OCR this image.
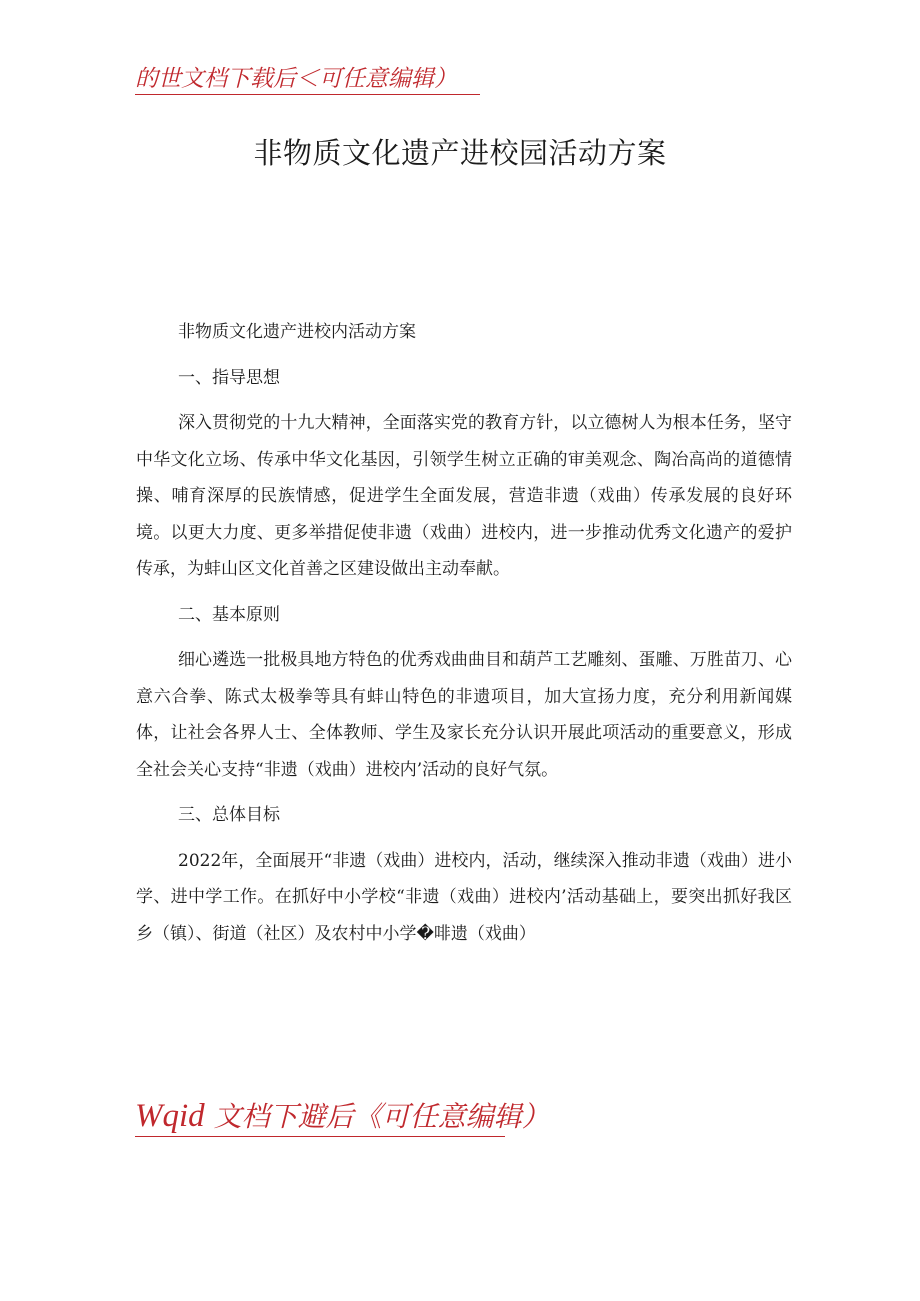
的世文档下载后＜可任意编辑）
非物质文化遗产进校园活动方案

非物质文化遗产进校内活动方案

一、指导思想

深入贯彻党的十九大精神，全面落实党的教育方针，以立德树人为根本任务，坚守中华文化立场、传承中华文化基因，引领学生树立正确的审美观念、陶冶高尚的道德情操、哺育深厚的民族情感，促进学生全面发展，营造非遗（戏曲）传承发展的良好环境。以更大力度、更多举措促使非遗（戏曲）进校内，进一步推动优秀文化遗产的爱护传承，为蚌山区文化首善之区建设做出主动奉献。

二、基本原则

细心遴选一批极具地方特色的优秀戏曲曲目和葫芦工艺雕刻、蛋雕、万胜苗刀、心意六合拳、陈式太极拳等具有蚌山特色的非遗项目，加大宣扬力度，充分利用新闻媒体，让社会各界人士、全体教师、学生及家长充分认识开展此项活动的重要意义，形成全社会关心支持“非遗（戏曲）进校内’活动的良好气氛。

三、总体目标

2022年，全面展开“非遗（戏曲）进校内，活动，继续深入推动非遗（戏曲）进小学、进中学工作。在抓好中小学校“非遗（戏曲）进校内’活动基础上，要突出抓好我区乡（镇）、街道（社区）及农村中小学�啡遗（戏曲）

Wqid 文档下避后《可任意编辑）
